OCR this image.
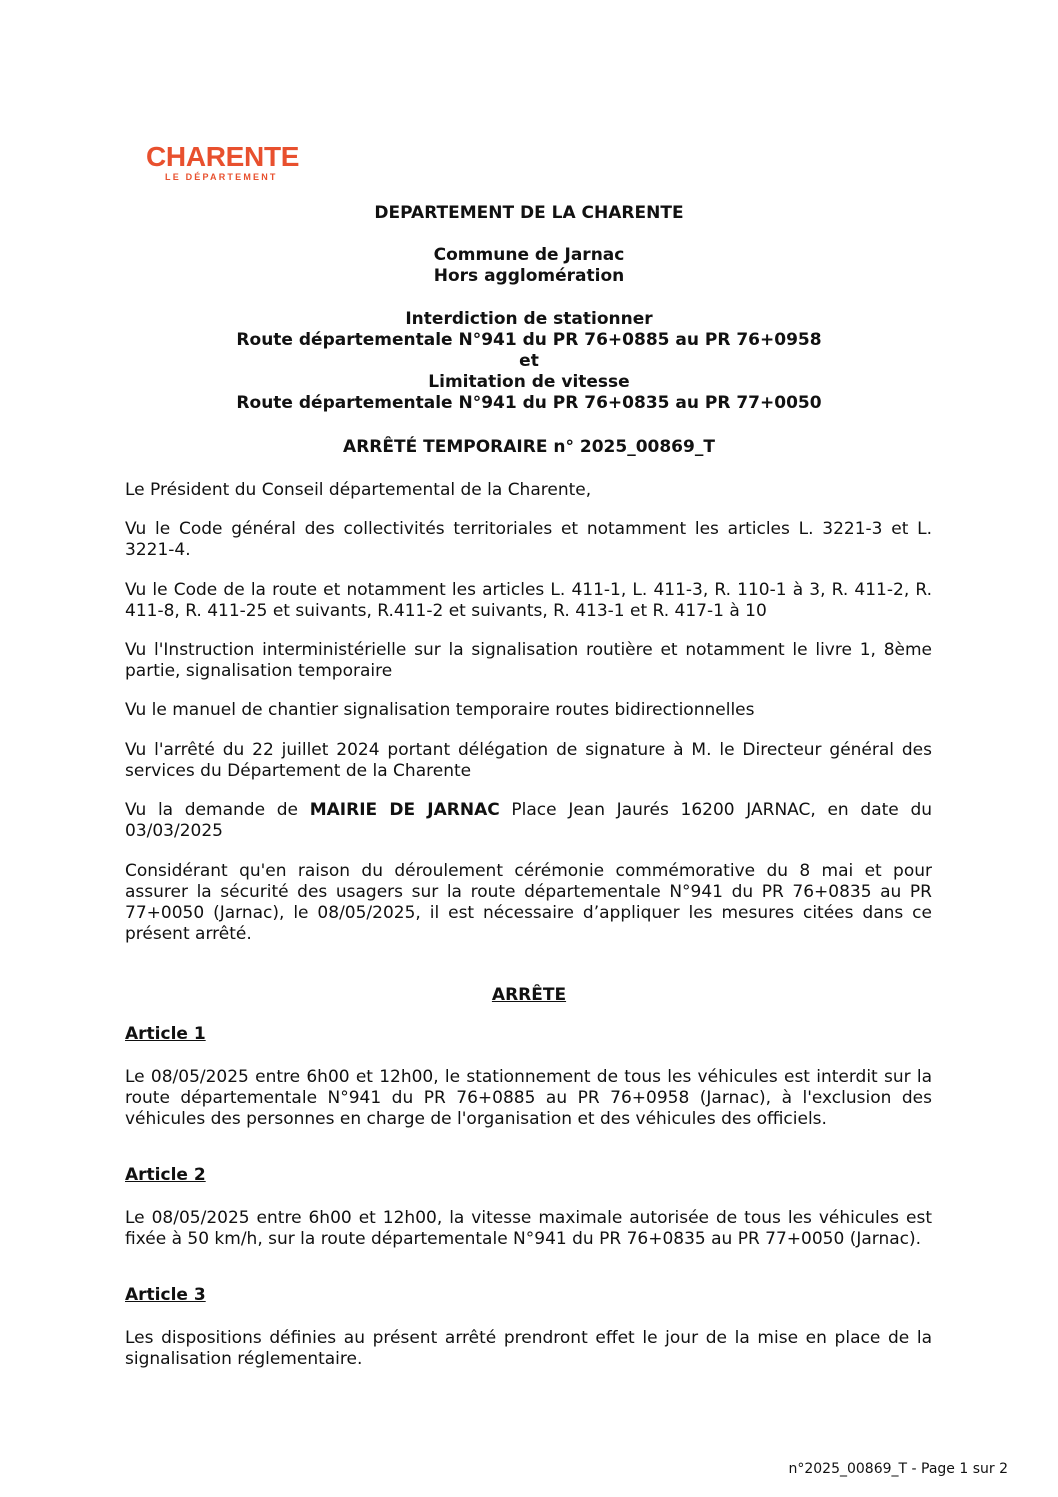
CHARENTE
LE DÉPARTEMENT
DEPARTEMENT DE LA CHARENTE
Commune de Jarnac
Hors agglomération
Interdiction de stationner
Route départementale N°941 du PR 76+0885 au PR 76+0958
et
Limitation de vitesse
Route départementale N°941 du PR 76+0835 au PR 77+0050
ARRÊTÉ TEMPORAIRE n° 2025_00869_T

Le Président du Conseil départemental de la Charente,

Vu le Code général des collectivités territoriales et notamment les articles L. 3221-3 et L. 3221-4.

Vu le Code de la route et notamment les articles L. 411-1, L. 411-3, R. 110-1 à 3, R. 411-2, R. 411-8, R. 411-25 et suivants, R.411-2 et suivants, R. 413-1 et R. 417-1 à 10

Vu l'Instruction interministérielle sur la signalisation routière et notamment le livre 1, 8ème partie, signalisation temporaire

Vu le manuel de chantier signalisation temporaire routes bidirectionnelles

Vu l'arrêté du 22 juillet 2024 portant délégation de signature à M. le Directeur général des services du Département de la Charente

Vu la demande de MAIRIE DE JARNAC Place Jean Jaurés 16200 JARNAC, en date du 03/03/2025

Considérant qu'en raison du déroulement cérémonie commémorative du 8 mai et pour assurer la sécurité des usagers sur la route départementale N°941 du PR 76+0835 au PR 77+0050 (Jarnac), le 08/05/2025, il est nécessaire d’appliquer les mesures citées dans ce présent arrêté.

ARRÊTE
Article 1

Le 08/05/2025 entre 6h00 et 12h00, le stationnement de tous les véhicules est interdit sur la route départementale N°941 du PR 76+0885 au PR 76+0958 (Jarnac), à l'exclusion des véhicules des personnes en charge de l'organisation et des véhicules des officiels.

Article 2

Le 08/05/2025 entre 6h00 et 12h00, la vitesse maximale autorisée de tous les véhicules est fixée à 50 km/h, sur la route départementale N°941 du PR 76+0835 au PR 77+0050 (Jarnac).

Article 3

Les dispositions définies au présent arrêté prendront effet le jour de la mise en place de la signalisation réglementaire.

n°2025_00869_T - Page 1 sur 2
